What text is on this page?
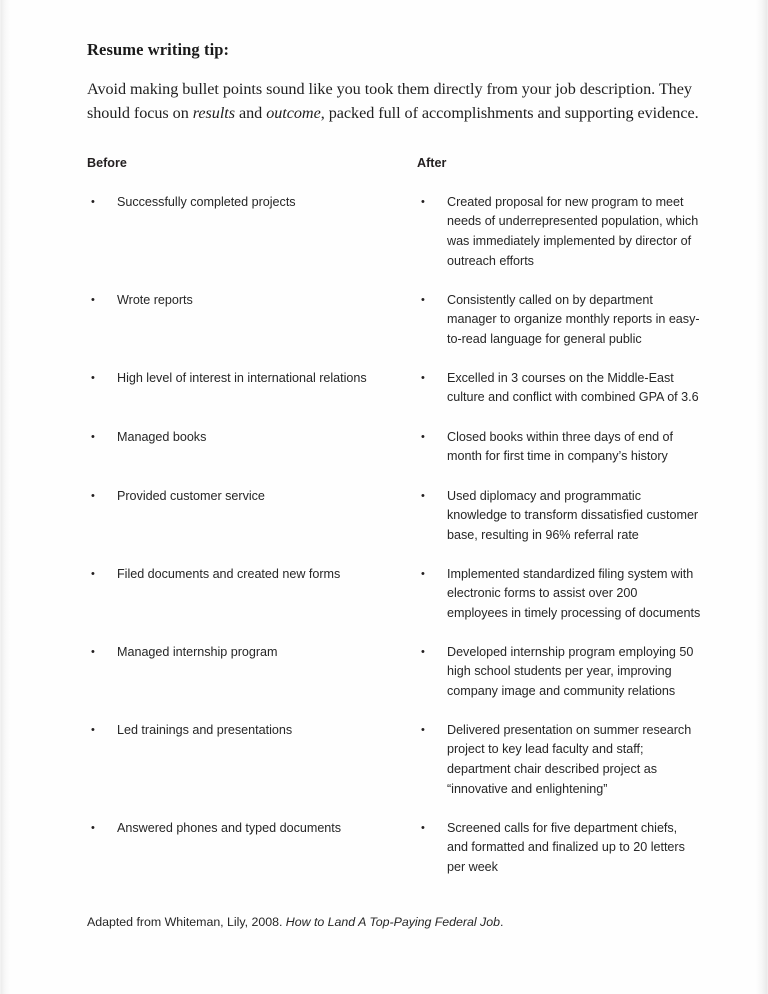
Resume writing tip:

Avoid making bullet points sound like you took them directly from your job description. They should focus on results and outcome, packed full of accomplishments and supporting evidence.

Before	After
•	Successfully completed projects	•	Created proposal for new program to meet needs of underrepresented population, which was immediately implemented by director of outreach efforts
•	Wrote reports	•	Consistently called on by department manager to organize monthly reports in easy-to-read language for general public
•	High level of interest in international relations	•	Excelled in 3 courses on the Middle-East culture and conflict with combined GPA of 3.6
•	Managed books	•	Closed books within three days of end of month for first time in company’s history
•	Provided customer service	•	Used diplomacy and programmatic knowledge to transform dissatisfied customer base, resulting in 96% referral rate
•	Filed documents and created new forms	•	Implemented standardized filing system with electronic forms to assist over 200 employees in timely processing of documents
•	Managed internship program	•	Developed internship program employing 50 high school students per year, improving company image and community relations
•	Led trainings and presentations	•	Delivered presentation on summer research project to key lead faculty and staff; department chair described project as “innovative and enlightening”
•	Answered phones and typed documents	•	Screened calls for five department chiefs, and formatted and finalized up to 20 letters per week
Adapted from Whiteman, Lily, 2008. How to Land A Top-Paying Federal Job.
